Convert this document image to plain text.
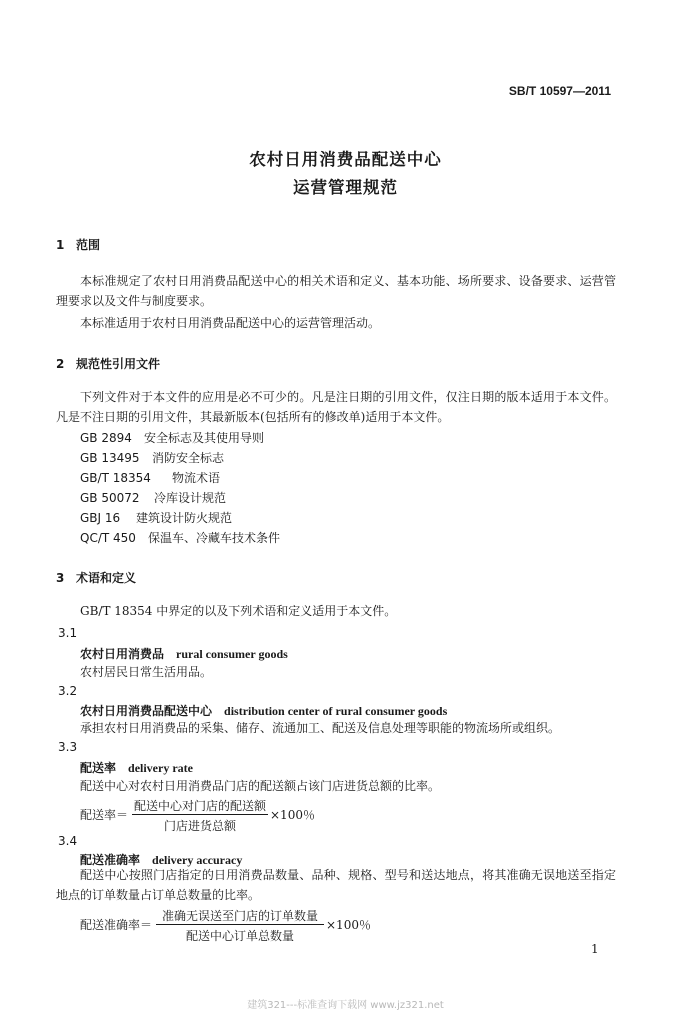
SB/T 10597—2011
农村日用消费品配送中心
运营管理规范
1 范围
本标准规定了农村日用消费品配送中心的相关术语和定义、基本功能、场所要求、设备要求、运营管理要求以及文件与制度要求。
本标准适用于农村日用消费品配送中心的运营管理活动。
2 规范性引用文件
下列文件对于本文件的应用是必不可少的。凡是注日期的引用文件，仅注日期的版本适用于本文件。凡是不注日期的引用文件，其最新版本(包括所有的修改单)适用于本文件。
GB 2894 安全标志及其使用导则
GB 13495 消防安全标志
GB/T 18354 物流术语
GB 50072 冷库设计规范
GBJ 16 建筑设计防火规范
QC/T 450 保温车、冷藏车技术条件
3 术语和定义
GB/T 18354 中界定的以及下列术语和定义适用于本文件。
3.1
农村日用消费品 rural consumer goods
农村居民日常生活用品。
3.2
农村日用消费品配送中心 distribution center of rural consumer goods
承担农村日用消费品的采集、储存、流通加工、配送及信息处理等职能的物流场所或组织。
3.3
配送率 delivery rate
配送中心对农村日用消费品门店的配送额占该门店进货总额的比率。
配送率＝
配送中心对门店的配送额
门店进货总额
×100％
3.4
配送准确率 delivery accuracy
配送中心按照门店指定的日用消费品数量、品种、规格、型号和送达地点，将其准确无误地送至指定地点的订单数量占订单总数量的比率。
配送准确率＝
准确无误送至门店的订单数量
配送中心订单总数量
×100％
1
建筑321---标准查询下载网 www.jz321.net
